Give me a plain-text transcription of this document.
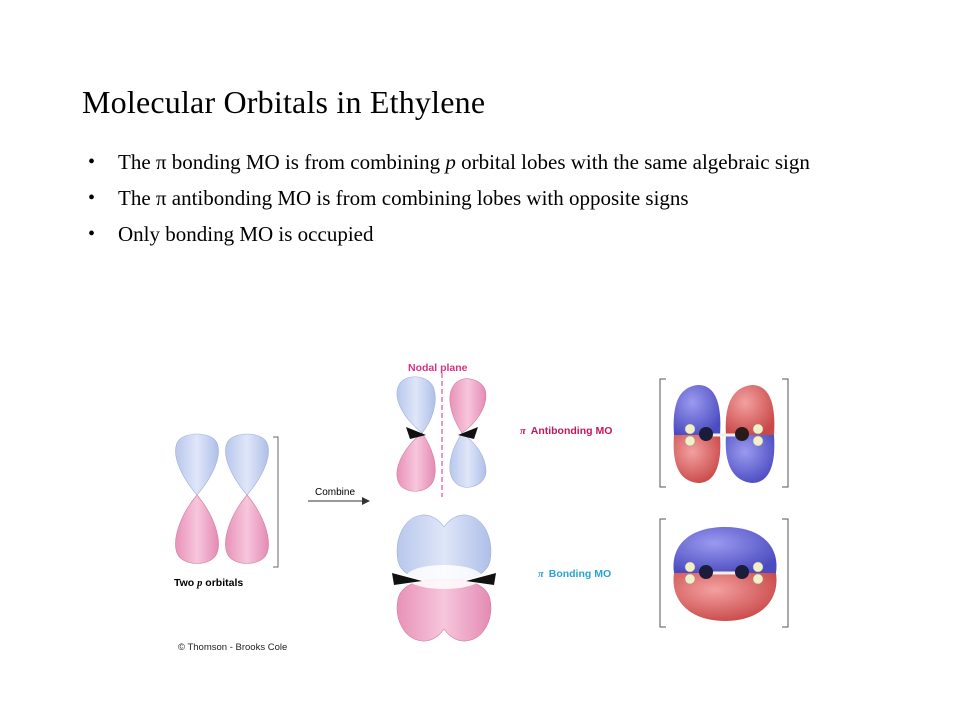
Molecular Orbitals in Ethylene
• The π bonding MO is from combining p orbital lobes with the same algebraic sign
• The π antibonding MO is from combining lobes with opposite signs
• Only bonding MO is occupied
Two p orbitals
Combine
Nodal plane
π Antibonding MO
π Bonding MO
© Thomson - Brooks Cole
